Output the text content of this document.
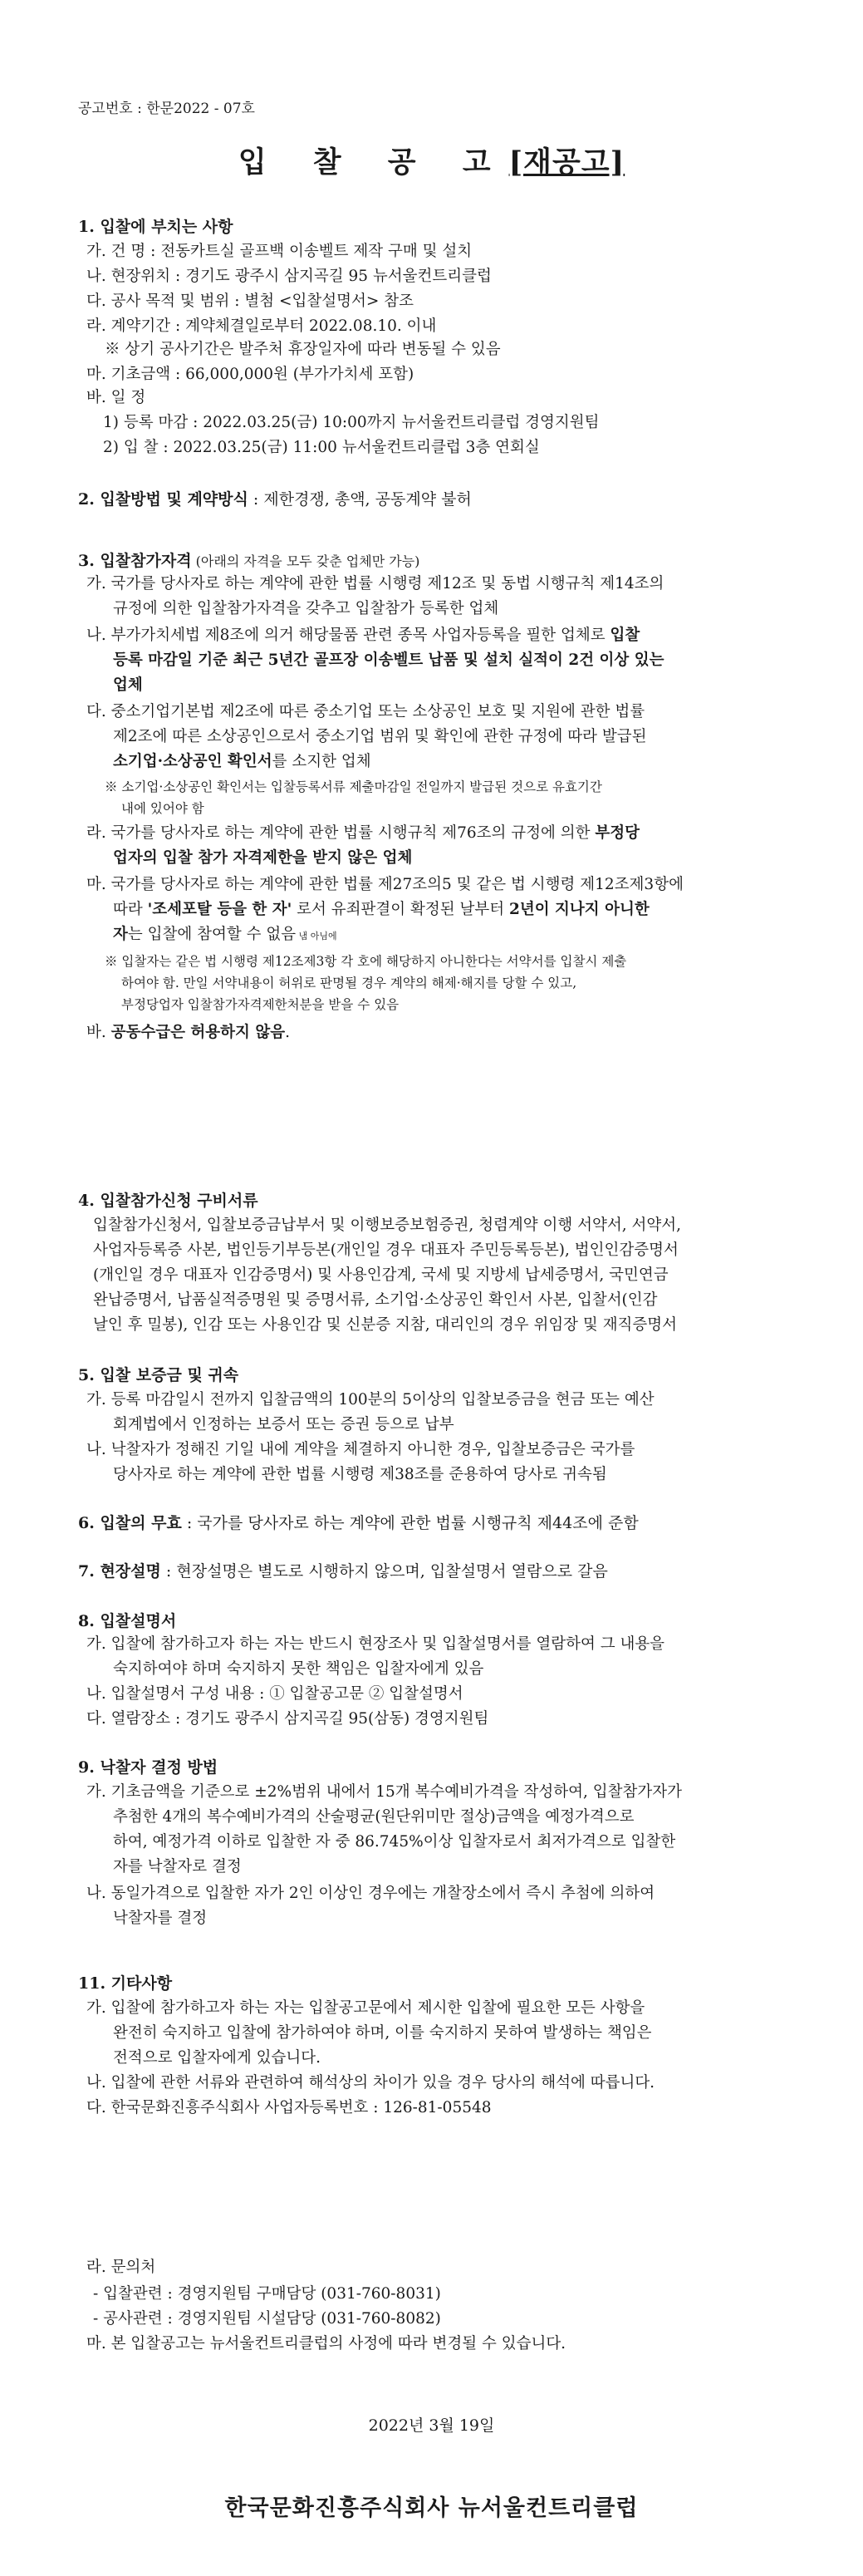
공고번호 : 한문2022 - 07호
입 찰 공 고[재공고]
1. 입찰에 부치는 사항
가. 건 명 : 전동카트실 골프백 이송벨트 제작 구매 및 설치
나. 현장위치 : 경기도 광주시 삼지곡길 95 뉴서울컨트리클럽
다. 공사 목적 및 범위 : 별첨 <입찰설명서> 참조
라. 계약기간 : 계약체결일로부터 2022.08.10. 이내
※ 상기 공사기간은 발주처 휴장일자에 따라 변동될 수 있음
마. 기초금액 : 66,000,000원 (부가가치세 포함)
바. 일 정
1) 등록 마감 : 2022.03.25(금) 10:00까지 뉴서울컨트리클럽 경영지원팀
2) 입 찰 : 2022.03.25(금) 11:00 뉴서울컨트리클럽 3층 연회실
2. 입찰방법 및 계약방식 : 제한경쟁, 총액, 공동계약 불허
3. 입찰참가자격 (아래의 자격을 모두 갖춘 업체만 가능)
가. 국가를 당사자로 하는 계약에 관한 법률 시행령 제12조 및 동법 시행규칙 제14조의
규정에 의한 입찰참가자격을 갖추고 입찰참가 등록한 업체
나. 부가가치세법 제8조에 의거 해당물품 관련 종목 사업자등록을 필한 업체로 입찰
등록 마감일 기준 최근 5년간 골프장 이송벨트 납품 및 설치 실적이 2건 이상 있는
업체
다. 중소기업기본법 제2조에 따른 중소기업 또는 소상공인 보호 및 지원에 관한 법률
제2조에 따른 소상공인으로서 중소기업 범위 및 확인에 관한 규정에 따라 발급된
소기업·소상공인 확인서를 소지한 업체
※ 소기업·소상공인 확인서는 입찰등록서류 제출마감일 전일까지 발급된 것으로 유효기간
내에 있어야 함
라. 국가를 당사자로 하는 계약에 관한 법률 시행규칙 제76조의 규정에 의한 부정당
업자의 입찰 참가 자격제한을 받지 않은 업체
마. 국가를 당사자로 하는 계약에 관한 법률 제27조의5 및 같은 법 시행령 제12조제3항에
따라 '조세포탈 등을 한 자' 로서 유죄판결이 확정된 날부터 2년이 지나지 아니한
자는 입찰에 참여할 수 없음 냄 아님에
※ 입찰자는 같은 법 시행령 제12조제3항 각 호에 해당하지 아니한다는 서약서를 입찰시 제출
하여야 함. 만일 서약내용이 허위로 판명될 경우 계약의 해제·해지를 당할 수 있고,
부정당업자 입찰참가자격제한처분을 받을 수 있음
바. 공동수급은 허용하지 않음.
4. 입찰참가신청 구비서류
입찰참가신청서, 입찰보증금납부서 및 이행보증보험증권, 청렴계약 이행 서약서, 서약서,
사업자등록증 사본, 법인등기부등본(개인일 경우 대표자 주민등록등본), 법인인감증명서
(개인일 경우 대표자 인감증명서) 및 사용인감계, 국세 및 지방세 납세증명서, 국민연금
완납증명서, 납품실적증명원 및 증명서류, 소기업·소상공인 확인서 사본, 입찰서(인감
날인 후 밀봉), 인감 또는 사용인감 및 신분증 지참, 대리인의 경우 위임장 및 재직증명서
5. 입찰 보증금 및 귀속
가. 등록 마감일시 전까지 입찰금액의 100분의 5이상의 입찰보증금을 현금 또는 예산
회계법에서 인정하는 보증서 또는 증권 등으로 납부
나. 낙찰자가 정해진 기일 내에 계약을 체결하지 아니한 경우, 입찰보증금은 국가를
당사자로 하는 계약에 관한 법률 시행령 제38조를 준용하여 당사로 귀속됨
6. 입찰의 무효 : 국가를 당사자로 하는 계약에 관한 법률 시행규칙 제44조에 준함
7. 현장설명 : 현장설명은 별도로 시행하지 않으며, 입찰설명서 열람으로 갈음
8. 입찰설명서
가. 입찰에 참가하고자 하는 자는 반드시 현장조사 및 입찰설명서를 열람하여 그 내용을
숙지하여야 하며 숙지하지 못한 책임은 입찰자에게 있음
나. 입찰설명서 구성 내용 : ① 입찰공고문 ② 입찰설명서
다. 열람장소 : 경기도 광주시 삼지곡길 95(삼동) 경영지원팀
9. 낙찰자 결정 방법
가. 기초금액을 기준으로 ±2%범위 내에서 15개 복수예비가격을 작성하여, 입찰참가자가
추첨한 4개의 복수예비가격의 산술평균(원단위미만 절상)금액을 예정가격으로
하여, 예정가격 이하로 입찰한 자 중 86.745%이상 입찰자로서 최저가격으로 입찰한
자를 낙찰자로 결정
나. 동일가격으로 입찰한 자가 2인 이상인 경우에는 개찰장소에서 즉시 추첨에 의하여
낙찰자를 결정
11. 기타사항
가. 입찰에 참가하고자 하는 자는 입찰공고문에서 제시한 입찰에 필요한 모든 사항을
완전히 숙지하고 입찰에 참가하여야 하며, 이를 숙지하지 못하여 발생하는 책임은
전적으로 입찰자에게 있습니다.
나. 입찰에 관한 서류와 관련하여 해석상의 차이가 있을 경우 당사의 해석에 따릅니다.
다. 한국문화진흥주식회사 사업자등록번호 : 126-81-05548
라. 문의처
- 입찰관련 : 경영지원팀 구매담당 (031-760-8031)
- 공사관련 : 경영지원팀 시설담당 (031-760-8082)
마. 본 입찰공고는 뉴서울컨트리클럽의 사정에 따라 변경될 수 있습니다.
2022년 3월 19일
한국문화진흥주식회사 뉴서울컨트리클럽
